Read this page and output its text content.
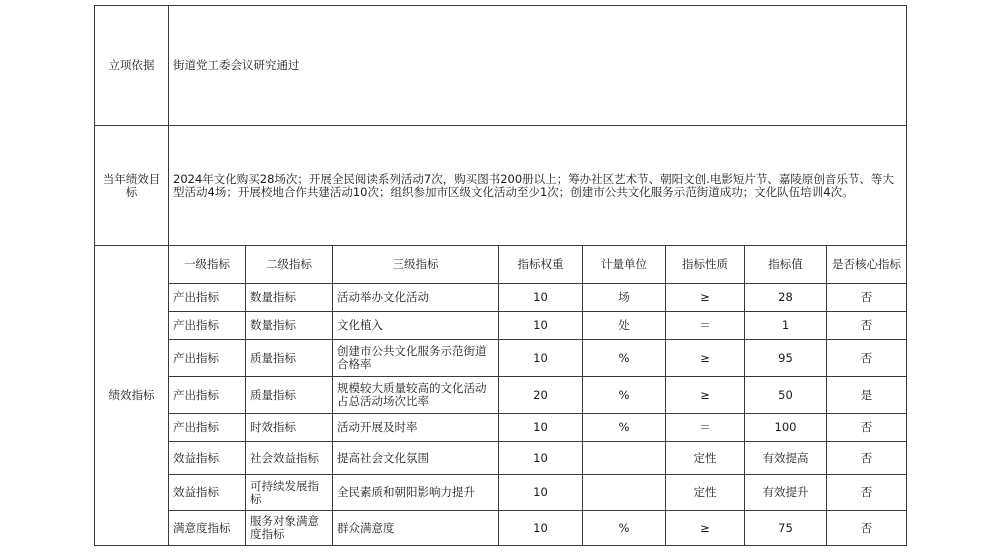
立项依据	街道党工委会议研究通过							
当年绩效目标	2024年文化购买28场次；开展全民阅读系列活动7次，购买图书200册以上；筹办社区艺术节、朝阳文创.电影短片节、嘉陵原创音乐节、等大型活动4场；开展校地合作共建活动10次；组织参加市区级文化活动至少1次；创建市公共文化服务示范街道成功；文化队伍培训4次。							
绩效指标	一级指标	二级指标	三级指标	指标权重	计量单位	指标性质	指标值	是否核心指标
	产出指标	数量指标	活动举办文化活动	10	场	≥	28	否
	产出指标	数量指标	文化植入	10	处	＝	1	否
	产出指标	质量指标	创建市公共文化服务示范街道合格率	10	%	≥	95	否
	产出指标	质量指标	规模较大质量较高的文化活动占总活动场次比率	20	%	≥	50	是
	产出指标	时效指标	活动开展及时率	10	%	＝	100	否
	效益指标	社会效益指标	提高社会文化氛围	10		定性	有效提高	否
	效益指标	可持续发展指标	全民素质和朝阳影响力提升	10		定性	有效提升	否
	满意度指标	服务对象满意度指标	群众满意度	10	%	≥	75	否
